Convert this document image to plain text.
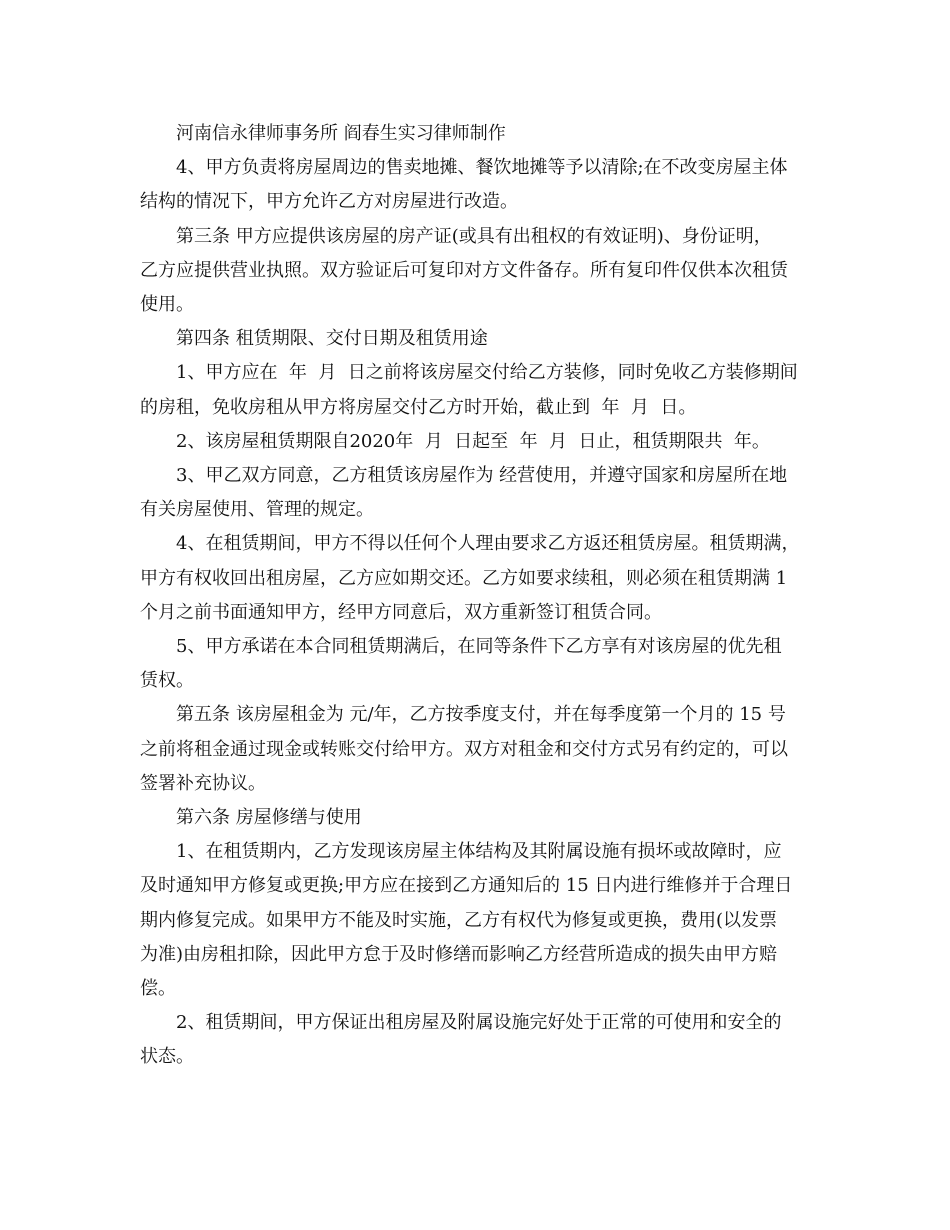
河南信永律师事务所 阎春生实习律师制作

4、甲方负责将房屋周边的售卖地摊、餐饮地摊等予以清除;在不改变房屋主体

结构的情况下，甲方允许乙方对房屋进行改造。

第三条 甲方应提供该房屋的房产证(或具有出租权的有效证明)、身份证明，

乙方应提供营业执照。双方验证后可复印对方文件备存。所有复印件仅供本次租赁

使用。

第四条 租赁期限、交付日期及租赁用途

1、甲方应在  年  月  日之前将该房屋交付给乙方装修，同时免收乙方装修期间

的房租，免收房租从甲方将房屋交付乙方时开始，截止到  年  月  日。

2、该房屋租赁期限自2020年  月  日起至  年  月  日止，租赁期限共  年。

3、甲乙双方同意，乙方租赁该房屋作为 经营使用，并遵守国家和房屋所在地

有关房屋使用、管理的规定。

4、在租赁期间，甲方不得以任何个人理由要求乙方返还租赁房屋。租赁期满，

甲方有权收回出租房屋，乙方应如期交还。乙方如要求续租，则必须在租赁期满 1

个月之前书面通知甲方，经甲方同意后，双方重新签订租赁合同。

5、甲方承诺在本合同租赁期满后，在同等条件下乙方享有对该房屋的优先租

赁权。

第五条 该房屋租金为 元/年，乙方按季度支付，并在每季度第一个月的 15 号

之前将租金通过现金或转账交付给甲方。双方对租金和交付方式另有约定的，可以

签署补充协议。

第六条 房屋修缮与使用

1、在租赁期内，乙方发现该房屋主体结构及其附属设施有损坏或故障时，应

及时通知甲方修复或更换;甲方应在接到乙方通知后的 15 日内进行维修并于合理日

期内修复完成。如果甲方不能及时实施，乙方有权代为修复或更换，费用(以发票

为准)由房租扣除，因此甲方怠于及时修缮而影响乙方经营所造成的损失由甲方赔

偿。

2、租赁期间，甲方保证出租房屋及附属设施完好处于正常的可使用和安全的

状态。
